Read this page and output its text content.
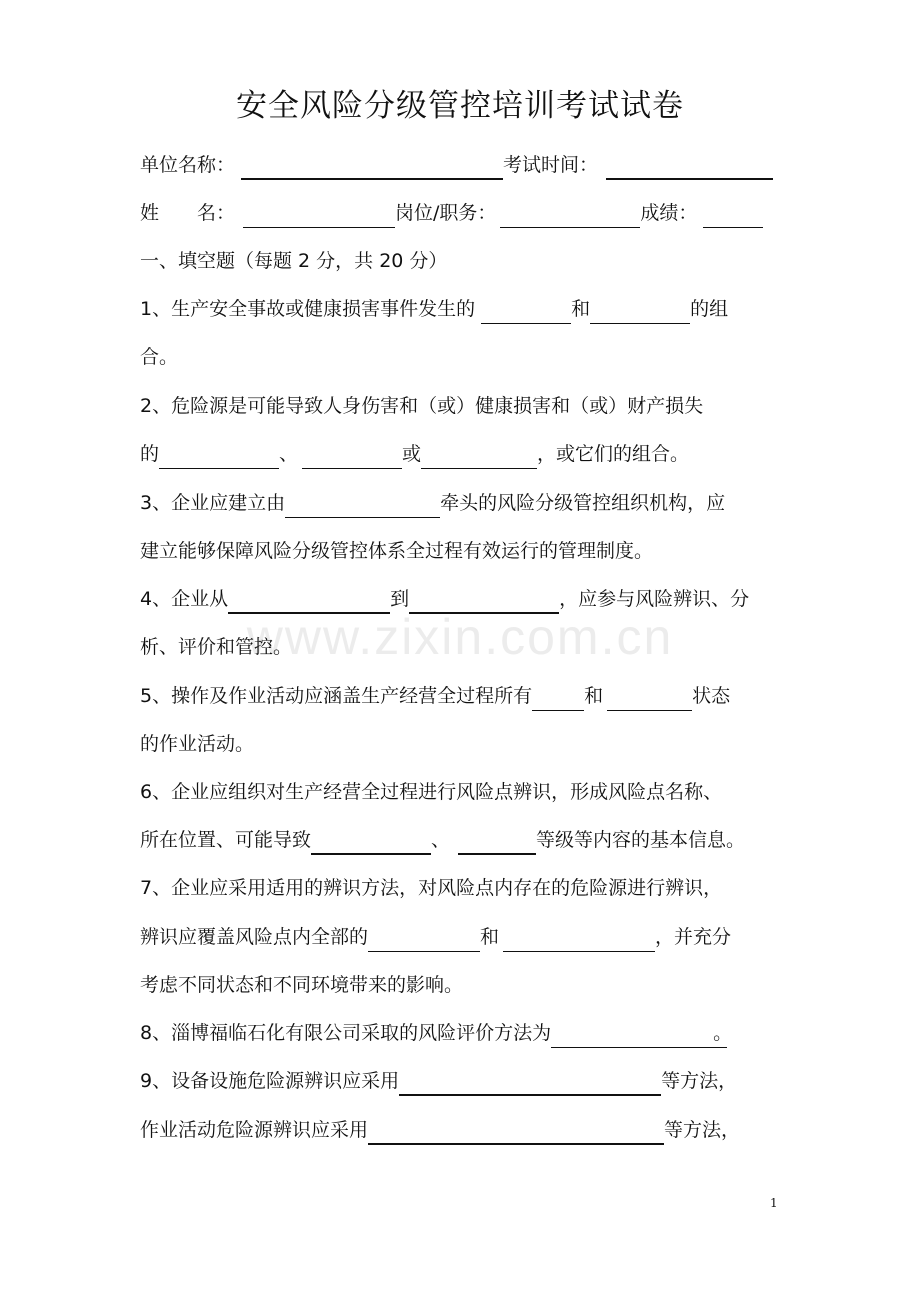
www.zixin.com.cn
安全风险分级管控培训考试试卷
单位名称：	考试时间：
姓　　名：	岗位/职务：	成绩：
一、填空题（每题 2 分，共 20 分）
1、生产安全事故或健康损害事件发生的	和	的组
合。
2、危险源是可能导致人身伤害和（或）健康损害和（或）财产损失
的	、	或	，或它们的组合。
3、企业应建立由	牵头的风险分级管控组织机构，应
建立能够保障风险分级管控体系全过程有效运行的管理制度。
4、企业从	到	，应参与风险辨识、分
析、评价和管控。
5、操作及作业活动应涵盖生产经营全过程所有	和	状态
的作业活动。
6、企业应组织对生产经营全过程进行风险点辨识，形成风险点名称、
所在位置、可能导致	、	等级等内容的基本信息。
7、企业应采用适用的辨识方法，对风险点内存在的危险源进行辨识，
辨识应覆盖风险点内全部的	和	，并充分
考虑不同状态和不同环境带来的影响。
8、淄博福临石化有限公司采取的风险评价方法为	。
9、设备设施危险源辨识应采用	等方法，
作业活动危险源辨识应采用	等方法，
1
